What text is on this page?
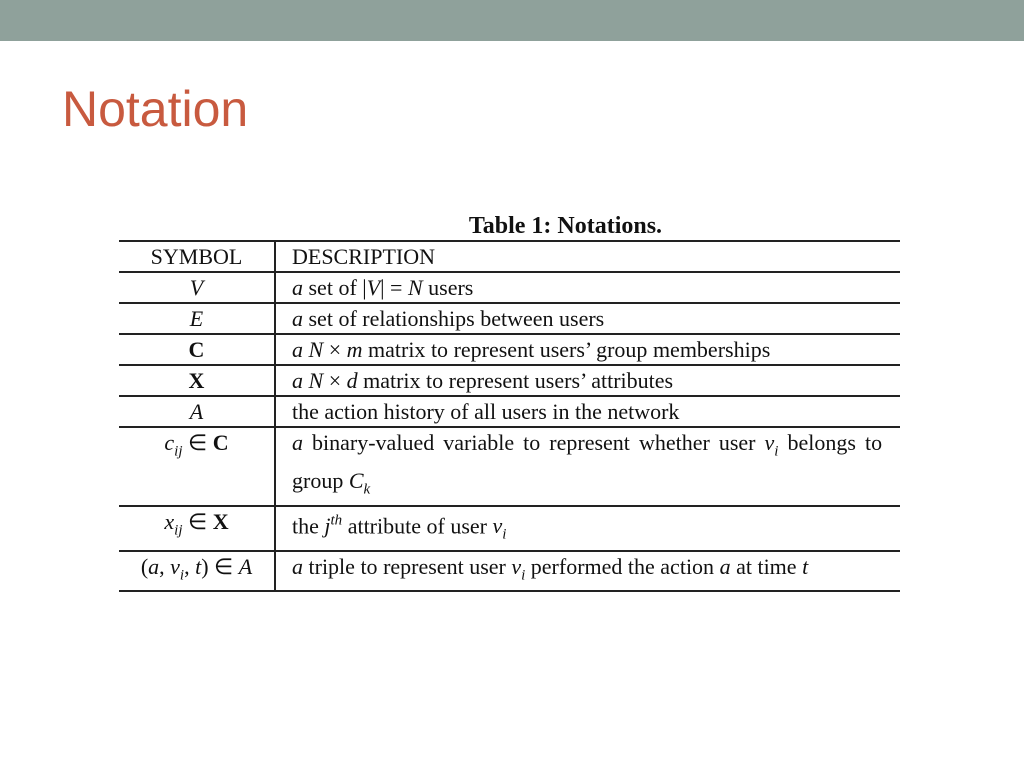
Notation
Table 1: Notations.
SYMBOL	DESCRIPTION
V	a set of |V| = N users
E	a set of relationships between users
C	a N × m matrix to represent users’ group memberships
X	a N × d matrix to represent users’ attributes
A	the action history of all users in the network
$c_{ij}$ ∈ C	a binary-valued variable to represent whether user $v_i$ belongs to group $C_k$
$x_{ij}$ ∈ X	the $j^{th}$ attribute of user $v_i$
(a, $v_i$, t) ∈ A	a triple to represent user $v_i$ performed the action a at time t
